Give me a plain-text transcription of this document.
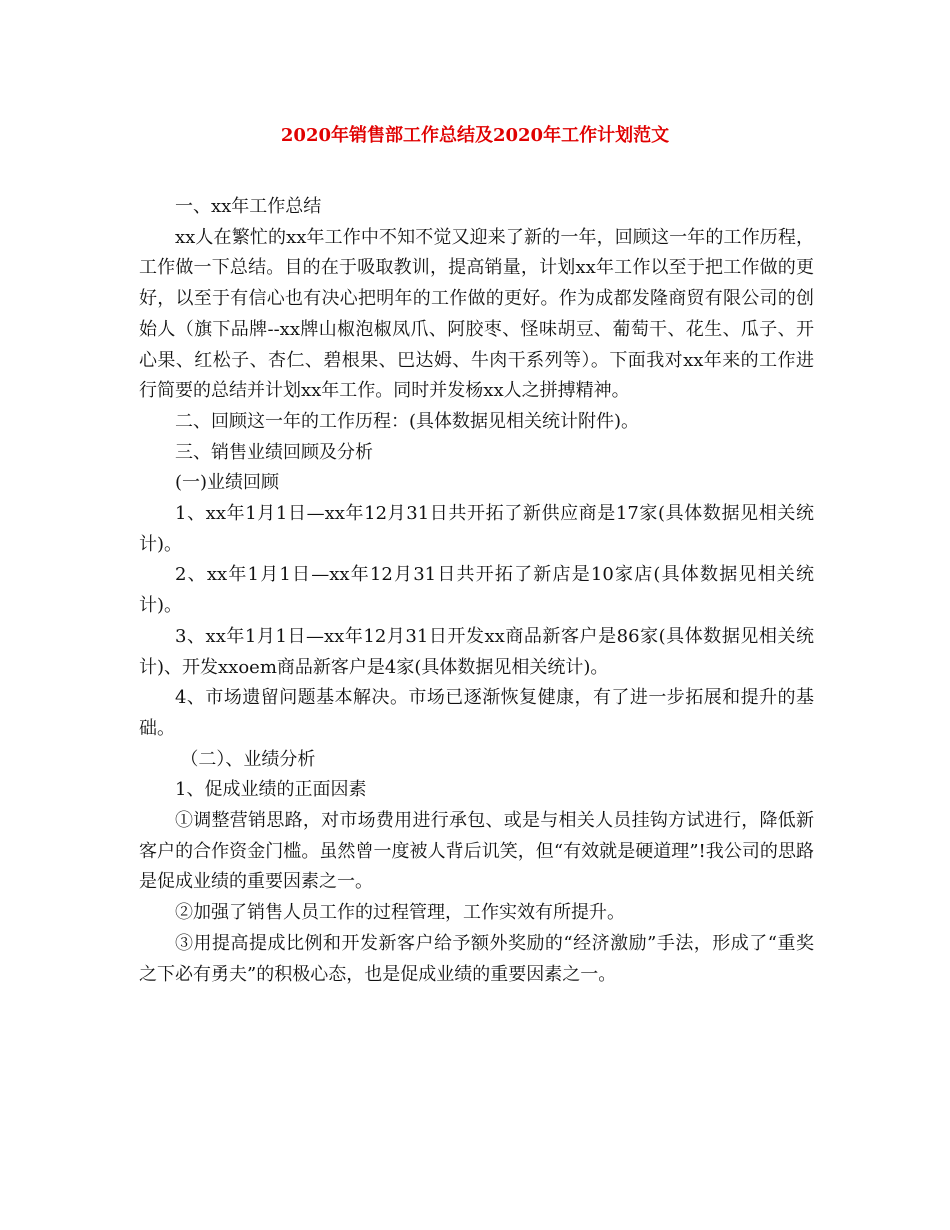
2020年销售部工作总结及2020年工作计划范文

一、xx年工作总结

xx人在繁忙的xx年工作中不知不觉又迎来了新的一年，回顾这一年的工作历程，工作做一下总结。目的在于吸取教训，提高销量，计划xx年工作以至于把工作做的更好，以至于有信心也有决心把明年的工作做的更好。作为成都发隆商贸有限公司的创始人（旗下品牌--xx牌山椒泡椒凤爪、阿胶枣、怪味胡豆、葡萄干、花生、瓜子、开心果、红松子、杏仁、碧根果、巴达姆、牛肉干系列等）。下面我对xx年来的工作进行简要的总结并计划xx年工作。同时并发杨xx人之拼搏精神。

二、回顾这一年的工作历程：(具体数据见相关统计附件)。

三、销售业绩回顾及分析

(一)业绩回顾

1、xx年1月1日—xx年12月31日共开拓了新供应商是17家(具体数据见相关统计)。

2、xx年1月1日—xx年12月31日共开拓了新店是10家店(具体数据见相关统计)。

3、xx年1月1日—xx年12月31日开发xx商品新客户是86家(具体数据见相关统计)、开发xxoem商品新客户是4家(具体数据见相关统计)。

4、市场遗留问题基本解决。市场已逐渐恢复健康，有了进一步拓展和提升的基础。

（二）、业绩分析

1、促成业绩的正面因素

①调整营销思路，对市场费用进行承包、或是与相关人员挂钩方试进行，降低新客户的合作资金门槛。虽然曾一度被人背后讥笑，但“有效就是硬道理”!我公司的思路是促成业绩的重要因素之一。

②加强了销售人员工作的过程管理，工作实效有所提升。

③用提高提成比例和开发新客户给予额外奖励的“经济激励”手法，形成了“重奖之下必有勇夫”的积极心态，也是促成业绩的重要因素之一。
